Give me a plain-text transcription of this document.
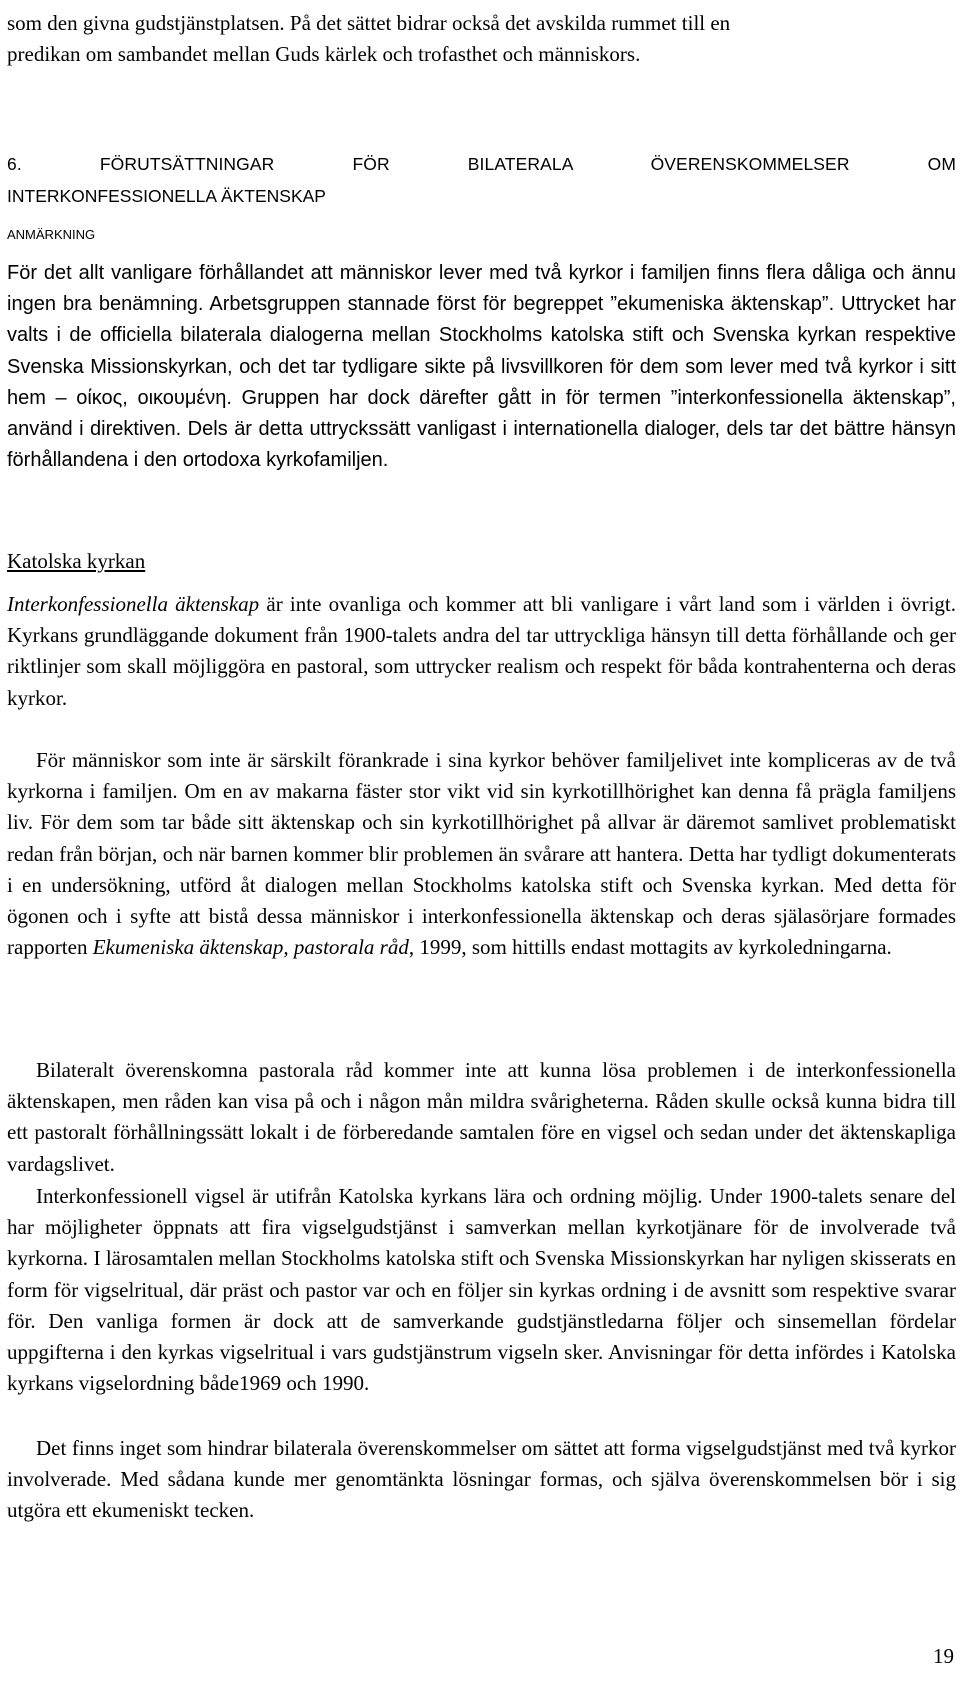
som den givna gudstjänstplatsen. På det sättet bidrar också det avskilda rummet till en
predikan om sambandet mellan Guds kärlek och trofasthet och människors.
6.	FÖRUTSÄTTNINGAR	FÖR	BILATERALA	ÖVERENSKOMMELSER	OM
INTERKONFESSIONELLA ÄKTENSKAP
ANMÄRKNING

För det allt vanligare förhållandet att människor lever med två kyrkor i familjen finns flera dåliga och ännu ingen bra benämning. Arbetsgruppen stannade först för begreppet ”ekumeniska äktenskap”. Uttrycket har valts i de officiella bilaterala dialogerna mellan Stockholms katolska stift och Svenska kyrkan respektive Svenska Missionskyrkan, och det tar tydligare sikte på livsvillkoren för dem som lever med två kyrkor i sitt hem – οίκος, οικουμένη. Gruppen har dock därefter gått in för termen ”interkonfessionella äktenskap”, använd i direktiven. Dels är detta uttryckssätt vanligast i internationella dialoger, dels tar det bättre hänsyn förhållandena i den ortodoxa kyrkofamiljen.

Katolska kyrkan

Interkonfessionella äktenskap är inte ovanliga och kommer att bli vanligare i vårt land som i världen i övrigt. Kyrkans grundläggande dokument från 1900-talets andra del tar uttryckliga hänsyn till detta förhållande och ger riktlinjer som skall möjliggöra en pastoral, som uttrycker realism och respekt för båda kontrahenterna och deras kyrkor.

För människor som inte är särskilt förankrade i sina kyrkor behöver familjelivet inte kompliceras av de två kyrkorna i familjen. Om en av makarna fäster stor vikt vid sin kyrkotillhörighet kan denna få prägla familjens liv. För dem som tar både sitt äktenskap och sin kyrkotillhörighet på allvar är däremot samlivet problematiskt redan från början, och när barnen kommer blir problemen än svårare att hantera. Detta har tydligt dokumenterats i en undersökning, utförd åt dialogen mellan Stockholms katolska stift och Svenska kyrkan. Med detta för ögonen och i syfte att bistå dessa människor i interkonfessionella äktenskap och deras själasörjare formades rapporten Ekumeniska äktenskap, pastorala råd, 1999, som hittills endast mottagits av kyrkoledningarna.

Bilateralt överenskomna pastorala råd kommer inte att kunna lösa problemen i de interkonfessionella äktenskapen, men råden kan visa på och i någon mån mildra svårigheterna. Råden skulle också kunna bidra till ett pastoralt förhållningssätt lokalt i de förberedande samtalen före en vigsel och sedan under det äktenskapliga vardagslivet.

Interkonfessionell vigsel är utifrån Katolska kyrkans lära och ordning möjlig. Under 1900-talets senare del har möjligheter öppnats att fira vigselgudstjänst i samverkan mellan kyrkotjänare för de involverade två kyrkorna. I lärosamtalen mellan Stockholms katolska stift och Svenska Missionskyrkan har nyligen skisserats en form för vigselritual, där präst och pastor var och en följer sin kyrkas ordning i de avsnitt som respektive svarar för. Den vanliga formen är dock att de samverkande gudstjänstledarna följer och sinsemellan fördelar uppgifterna i den kyrkas vigselritual i vars gudstjänstrum vigseln sker. Anvisningar för detta infördes i Katolska kyrkans vigselordning både1969 och 1990.

Det finns inget som hindrar bilaterala överenskommelser om sättet att forma vigselgudstjänst med två kyrkor involverade. Med sådana kunde mer genomtänkta lösningar formas, och själva överenskommelsen bör i sig utgöra ett ekumeniskt tecken.

19
